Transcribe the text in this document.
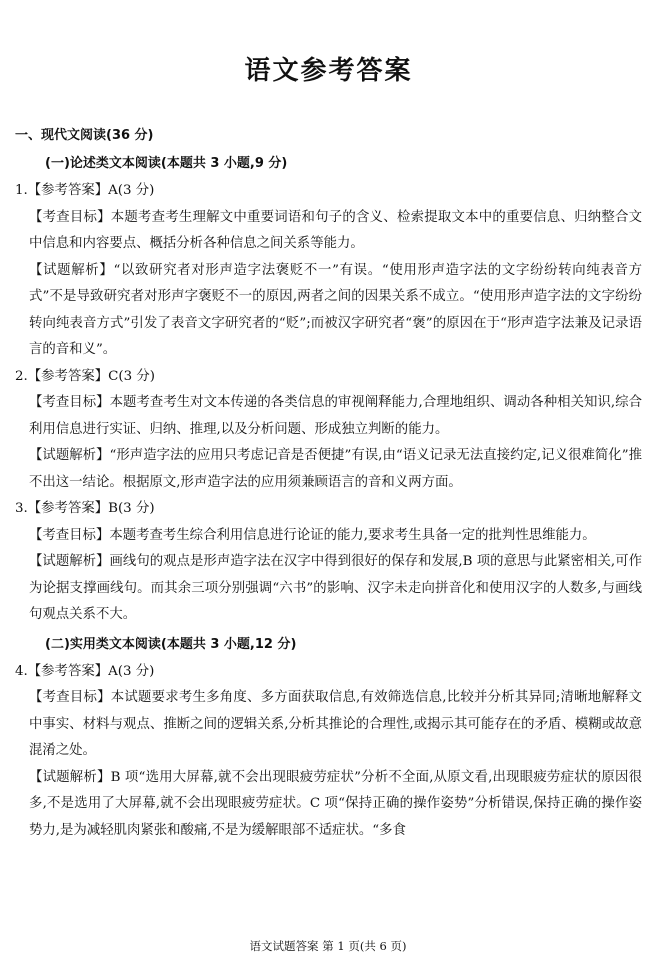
语文参考答案
一、现代文阅读(36 分)
(一)论述类文本阅读(本题共 3 小题,9 分)
1.【参考答案】A(3 分)
【考查目标】本题考查考生理解文中重要词语和句子的含义、检索提取文本中的重要信息、归纳整合文中信息和内容要点、概括分析各种信息之间关系等能力。
【试题解析】“以致研究者对形声造字法褒贬不一”有误。“使用形声造字法的文字纷纷转向纯表音方式”不是导致研究者对形声字褒贬不一的原因,两者之间的因果关系不成立。“使用形声造字法的文字纷纷转向纯表音方式”引发了表音文字研究者的“贬”;而被汉字研究者“褒”的原因在于“形声造字法兼及记录语言的音和义”。
2.【参考答案】C(3 分)
【考查目标】本题考查考生对文本传递的各类信息的审视阐释能力,合理地组织、调动各种相关知识,综合利用信息进行实证、归纳、推理,以及分析问题、形成独立判断的能力。
【试题解析】“形声造字法的应用只考虑记音是否便捷”有误,由“语义记录无法直接约定,记义很难简化”推不出这一结论。根据原文,形声造字法的应用须兼顾语言的音和义两方面。
3.【参考答案】B(3 分)
【考查目标】本题考查考生综合利用信息进行论证的能力,要求考生具备一定的批判性思维能力。
【试题解析】画线句的观点是形声造字法在汉字中得到很好的保存和发展,B 项的意思与此紧密相关,可作为论据支撑画线句。而其余三项分别强调“六书”的影响、汉字未走向拼音化和使用汉字的人数多,与画线句观点关系不大。
(二)实用类文本阅读(本题共 3 小题,12 分)
4.【参考答案】A(3 分)
【考查目标】本试题要求考生多角度、多方面获取信息,有效筛选信息,比较并分析其异同;清晰地解释文中事实、材料与观点、推断之间的逻辑关系,分析其推论的合理性,或揭示其可能存在的矛盾、模糊或故意混淆之处。
【试题解析】B 项“选用大屏幕,就不会出现眼疲劳症状”分析不全面,从原文看,出现眼疲劳症状的原因很多,不是选用了大屏幕,就不会出现眼疲劳症状。C 项“保持正确的操作姿势”分析错误,保持正确的操作姿势力,是为减轻肌肉紧张和酸痛,不是为缓解眼部不适症状。“多食
语文试题答案 第 1 页(共 6 页)
